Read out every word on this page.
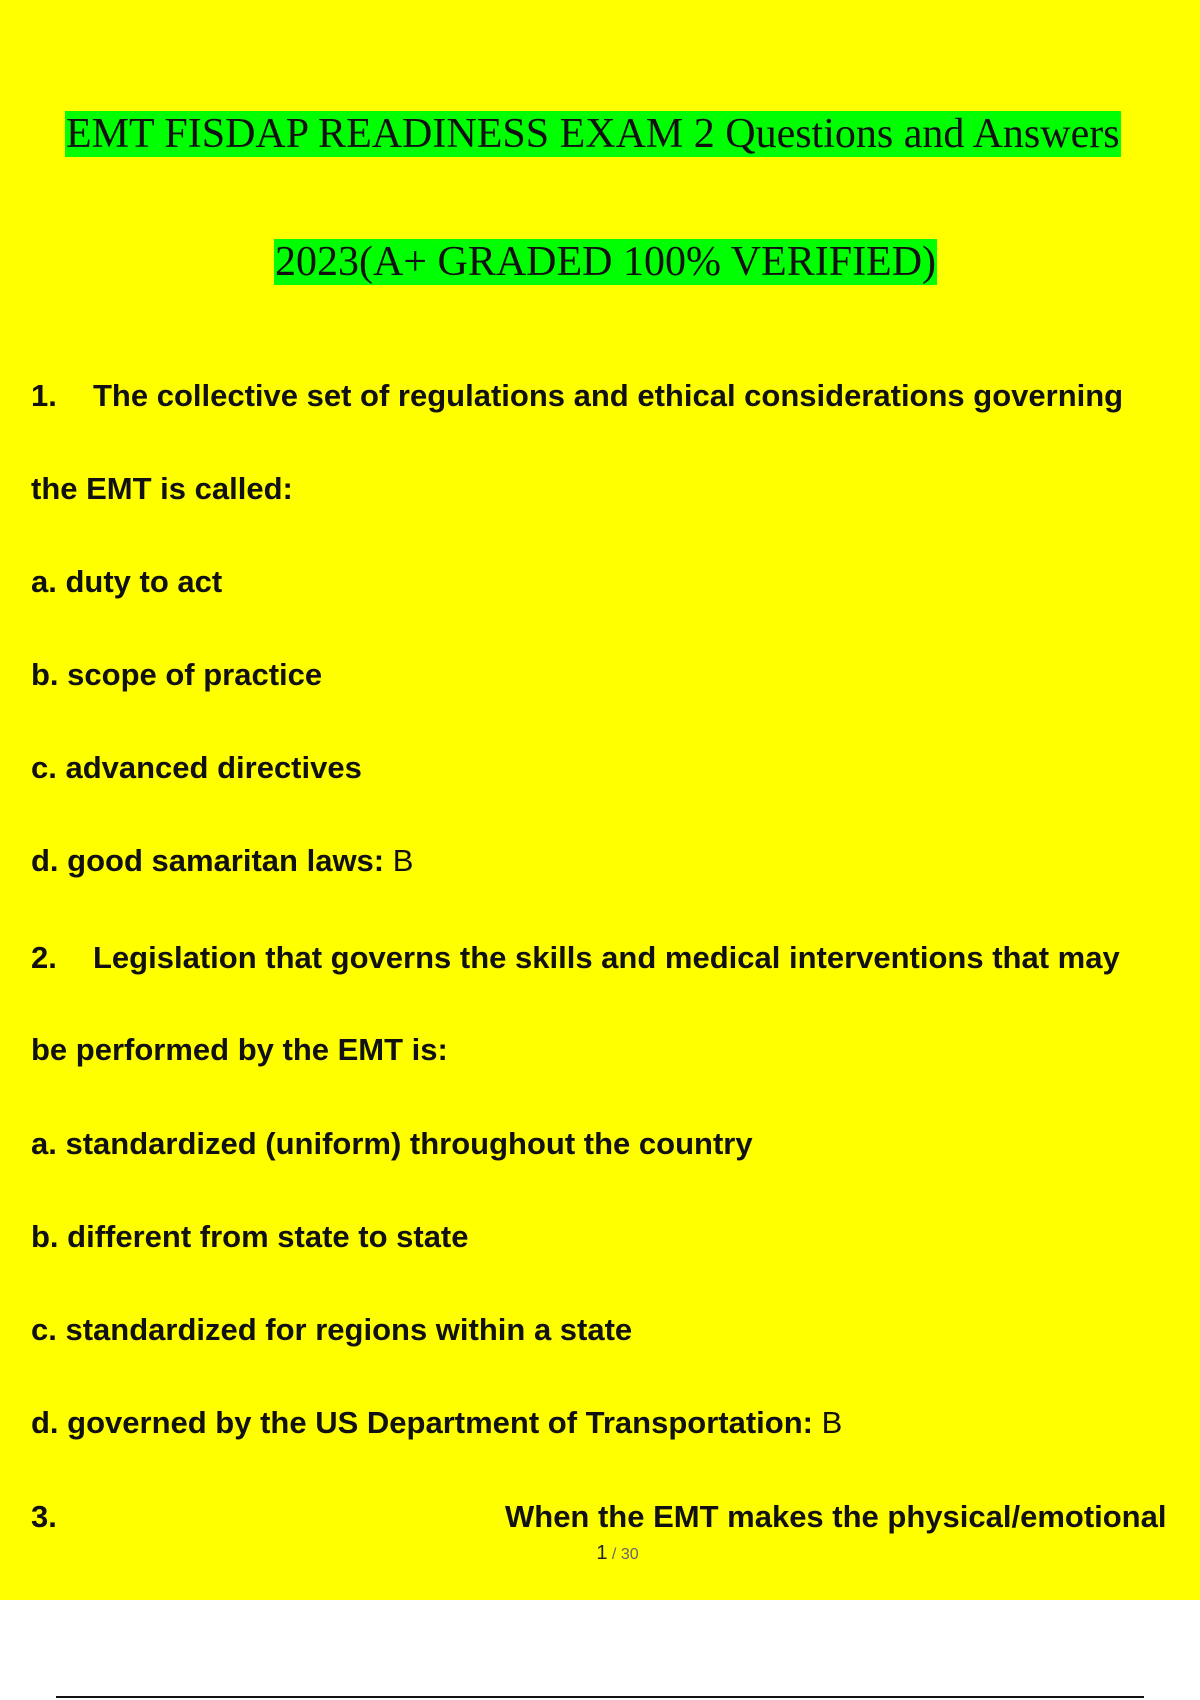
EMT FISDAP READINESS EXAM 2 Questions and Answers
2023(A+ GRADED 100% VERIFIED)
1. The collective set of regulations and ethical considerations governing
the EMT is called:
a. duty to act
b. scope of practice
c. advanced directives
d. good samaritan laws: B
2. Legislation that governs the skills and medical interventions that may
be performed by the EMT is:
a. standardized (uniform) throughout the country
b. different from state to state
c. standardized for regions within a state
d. governed by the US Department of Transportation: B
3.	When the EMT makes the physical/emotional
1 / 30
